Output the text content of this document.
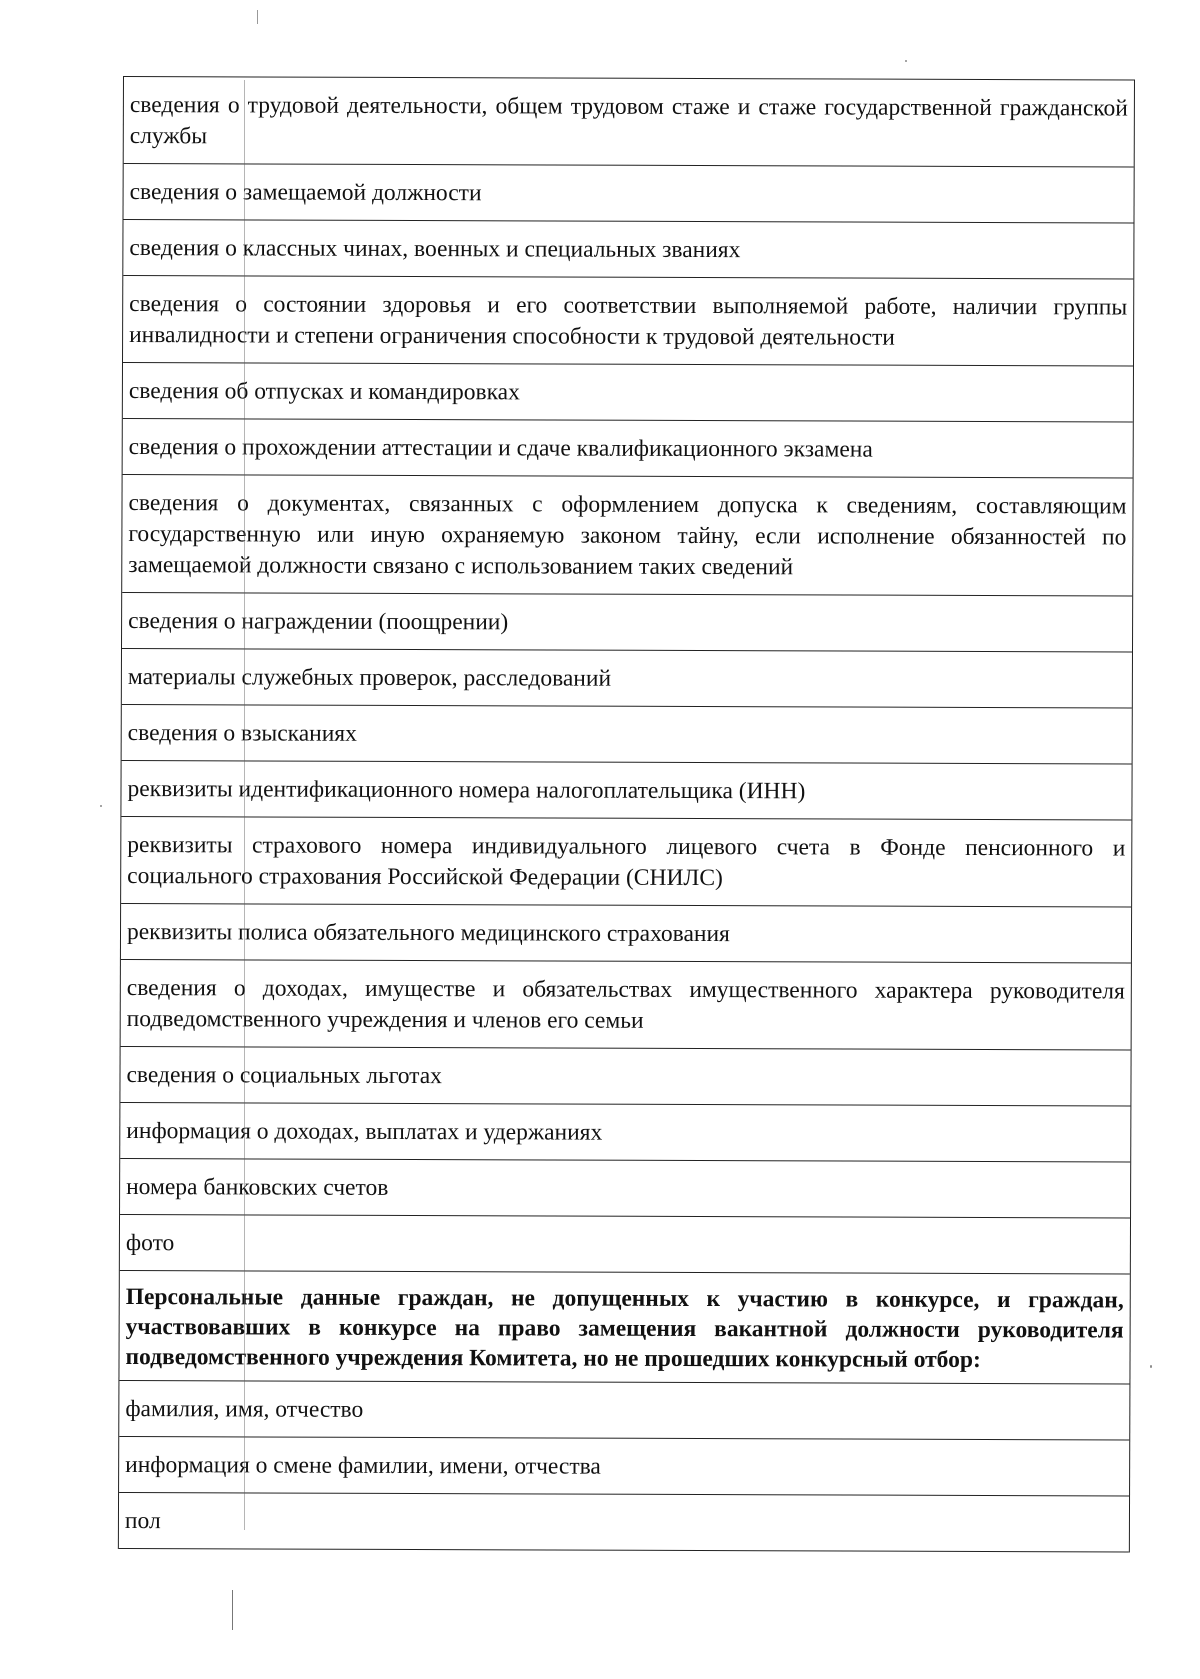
сведения о трудовой деятельности, общем трудовом стаже и стаже государственной гражданской службы
сведения о замещаемой должности
сведения о классных чинах, военных и специальных званиях
сведения о состоянии здоровья и его соответствии выполняемой работе, наличии группы инвалидности и степени ограничения способности к трудовой деятельности
сведения об отпусках и командировках
сведения о прохождении аттестации и сдаче квалификационного экзамена
сведения о документах, связанных с оформлением допуска к сведениям, составляющим государственную или иную охраняемую законом тайну, если исполнение обязанностей по замещаемой должности связано с использованием таких сведений
сведения о награждении (поощрении)
материалы служебных проверок, расследований
сведения о взысканиях
реквизиты идентификационного номера налогоплательщика (ИНН)
реквизиты страхового номера индивидуального лицевого счета в Фонде пенсионного и социального страхования Российской Федерации (СНИЛС)
реквизиты полиса обязательного медицинского страхования
сведения о доходах, имуществе и обязательствах имущественного характера руководителя подведомственного учреждения и членов его семьи
сведения о социальных льготах
информация о доходах, выплатах и удержаниях
номера банковских счетов
фото
Персональные данные граждан, не допущенных к участию в конкурсе, и граждан, участвовавших в конкурсе на право замещения вакантной должности руководителя подведомственного учреждения Комитета, но не прошедших конкурсный отбор:
фамилия, имя, отчество
информация о смене фамилии, имени, отчества
пол
